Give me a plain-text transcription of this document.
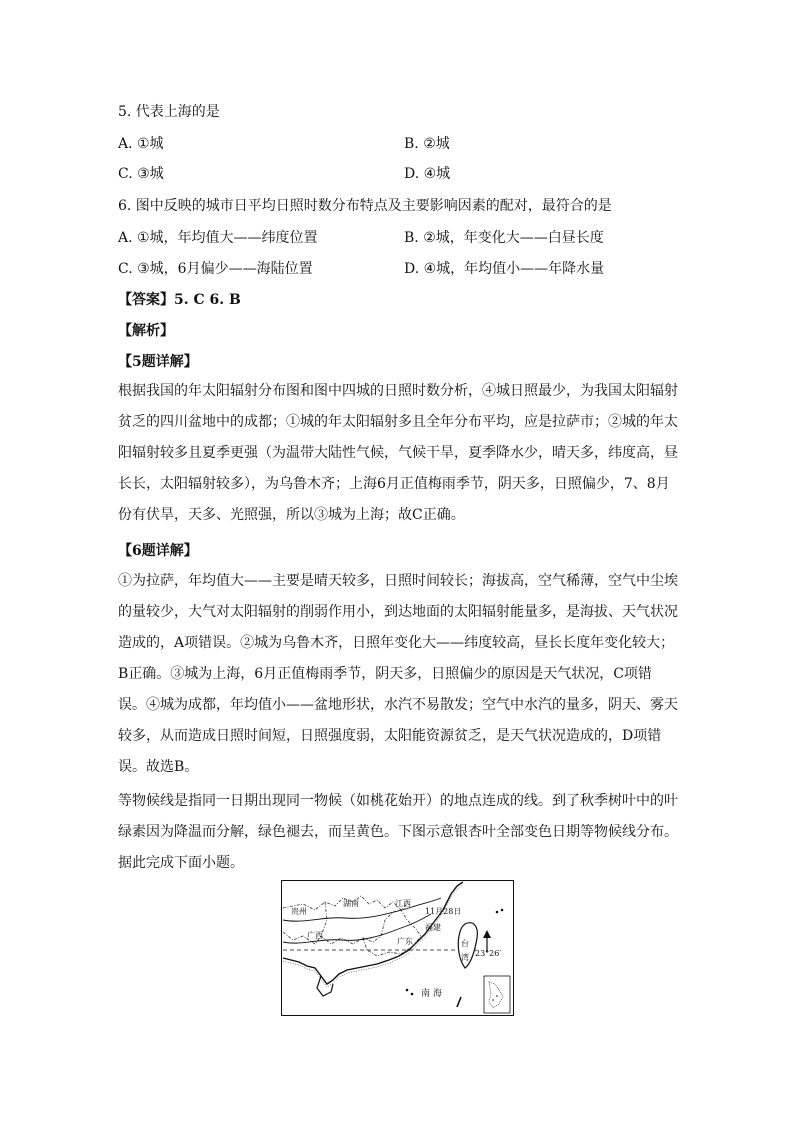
5. 代表上海的是
A. ①城	B. ②城
C. ③城	D. ④城
6. 图中反映的城市日平均日照时数分布特点及主要影响因素的配对，最符合的是
A. ①城，年均值大——纬度位置	B. ②城，年变化大——白昼长度
C. ③城，6月偏少——海陆位置	D. ④城，年均值小——年降水量
【答案】5. C 6. B
【解析】
【5题详解】
根据我国的年太阳辐射分布图和图中四城的日照时数分析，④城日照最少，为我国太阳辐射贫乏的四川盆地中的成都；①城的年太阳辐射多且全年分布平均，应是拉萨市；②城的年太阳辐射较多且夏季更强（为温带大陆性气候，气候干旱，夏季降水少，晴天多，纬度高，昼长长，太阳辐射较多），为乌鲁木齐；上海6月正值梅雨季节，阴天多，日照偏少，7、8月份有伏旱，天多、光照强，所以③城为上海；故C正确。
【6题详解】
①为拉萨，年均值大——主要是晴天较多，日照时间较长；海拔高，空气稀薄，空气中尘埃的量较少，大气对太阳辐射的削弱作用小，到达地面的太阳辐射能量多，是海拔、天气状况造成的，A项错误。②城为乌鲁木齐，日照年变化大——纬度较高，昼长长度年变化较大；B正确。③城为上海，6月正值梅雨季节，阴天多，日照偏少的原因是天气状况，C项错误。④城为成都，年均值小——盆地形状，水汽不易散发；空气中水汽的量多，阴天、雾天较多，从而造成日照时间短，日照强度弱，太阳能资源贫乏，是天气状况造成的，D项错误。故选B。
等物候线是指同一日期出现同一物候（如桃花始开）的地点连成的线。到了秋季树叶中的叶绿素因为降温而分解，绿色褪去，而呈黄色。下图示意银杏叶全部变色日期等物候线分布。据此完成下面小题。
贵州
湖南	江西
广西
福建
广东
11月28日
台
湾 23°26′
南 海
